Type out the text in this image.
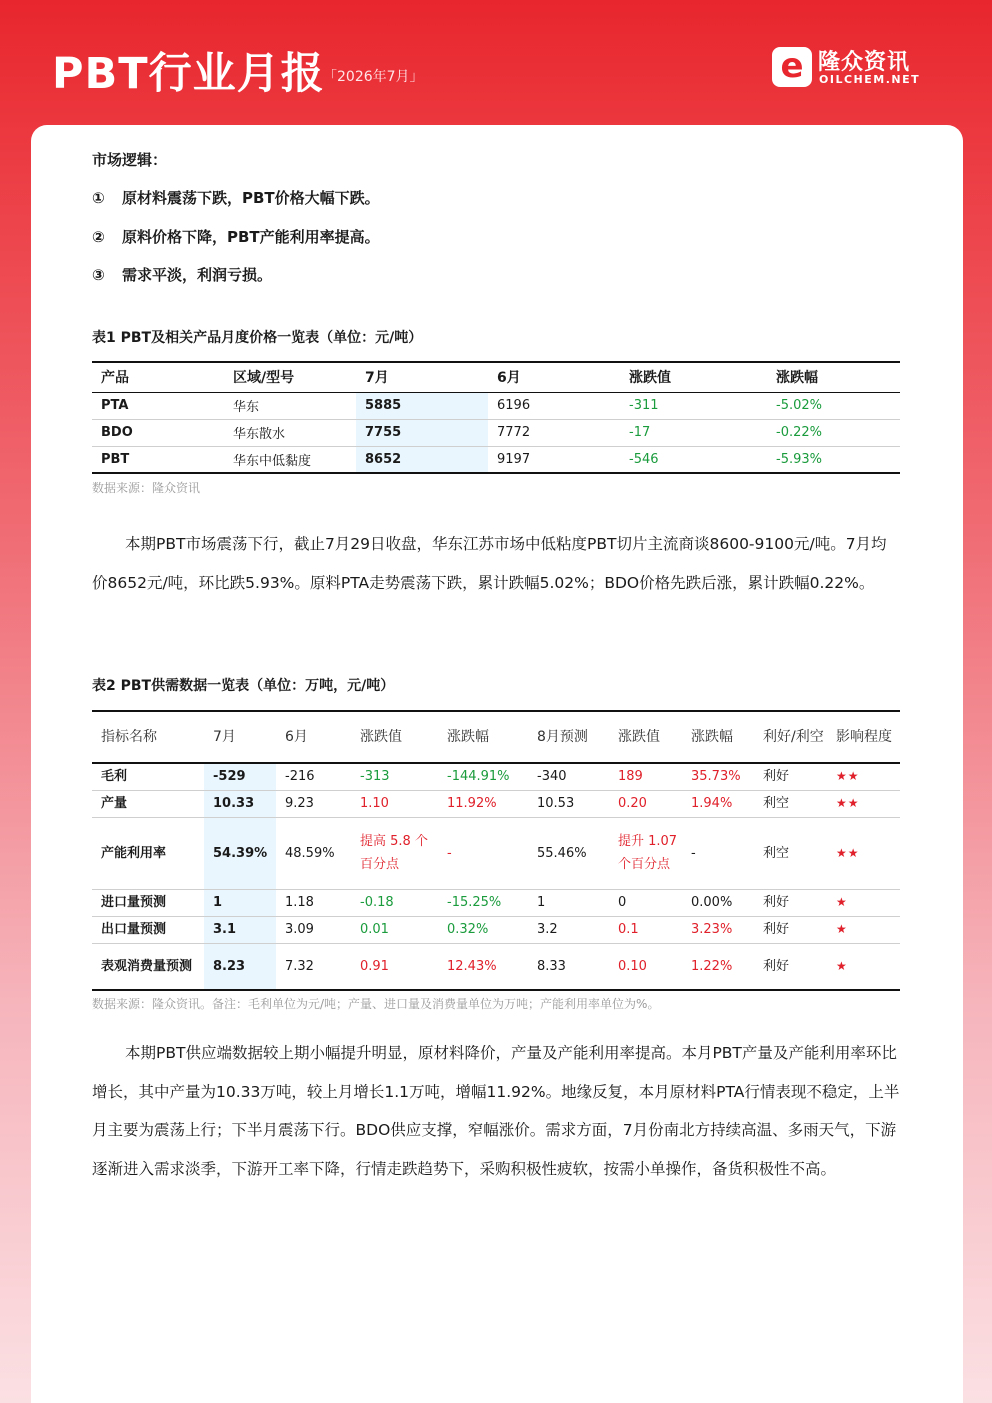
PBT行业月报
「2026年7月」	e 隆众资讯
OILCHEM.NET
市场逻辑：
① 原材料震荡下跌，PBT价格大幅下跌。
② 原料价格下降，PBT产能利用率提高。
③ 需求平淡，利润亏损。
表1 PBT及相关产品月度价格一览表（单位：元/吨）
产品	区域/型号	7月	6月	涨跌值	涨跌幅
PTA	华东	5885	6196	-311	-5.02%
BDO	华东散水	7755	7772	-17	-0.22%
PBT	华东中低黏度	8652	9197	-546	-5.93%
数据来源：隆众资讯
本期PBT市场震荡下行，截止7月29日收盘，华东江苏市场中低粘度PBT切片主流商谈8600-9100元/吨。7月均价8652元/吨，环比跌5.93%。原料PTA走势震荡下跌，累计跌幅5.02%；BDO价格先跌后涨，累计跌幅0.22%。
表2 PBT供需数据一览表（单位：万吨，元/吨）
指标名称	7月	6月	涨跌值	涨跌幅	8月预测	涨跌值	涨跌幅	利好/利空	影响程度
毛利	-529	-216	-313	-144.91%	-340	189	35.73%	利好	★★
产量	10.33	9.23	1.10	11.92%	10.53	0.20	1.94%	利空	★★
产能利用率	54.39%	48.59%	提高 5.8 个百分点	-	55.46%	提升 1.07 个百分点	-	利空	★★
进口量预测	1	1.18	-0.18	-15.25%	1	0	0.00%	利好	★
出口量预测	3.1	3.09	0.01	0.32%	3.2	0.1	3.23%	利好	★
表观消费量预测	8.23	7.32	0.91	12.43%	8.33	0.10	1.22%	利好	★
数据来源：隆众资讯。备注：毛利单位为元/吨；产量、进口量及消费量单位为万吨；产能利用率单位为%。
本期PBT供应端数据较上期小幅提升明显，原材料降价，产量及产能利用率提高。本月PBT产量及产能利用率环比增长，其中产量为10.33万吨，较上月增长1.1万吨，增幅11.92%。地缘反复，本月原材料PTA行情表现不稳定，上半月主要为震荡上行；下半月震荡下行。BDO供应支撑，窄幅涨价。需求方面，7月份南北方持续高温、多雨天气，下游逐渐进入需求淡季，下游开工率下降，行情走跌趋势下，采购积极性疲软，按需小单操作，备货积极性不高。
